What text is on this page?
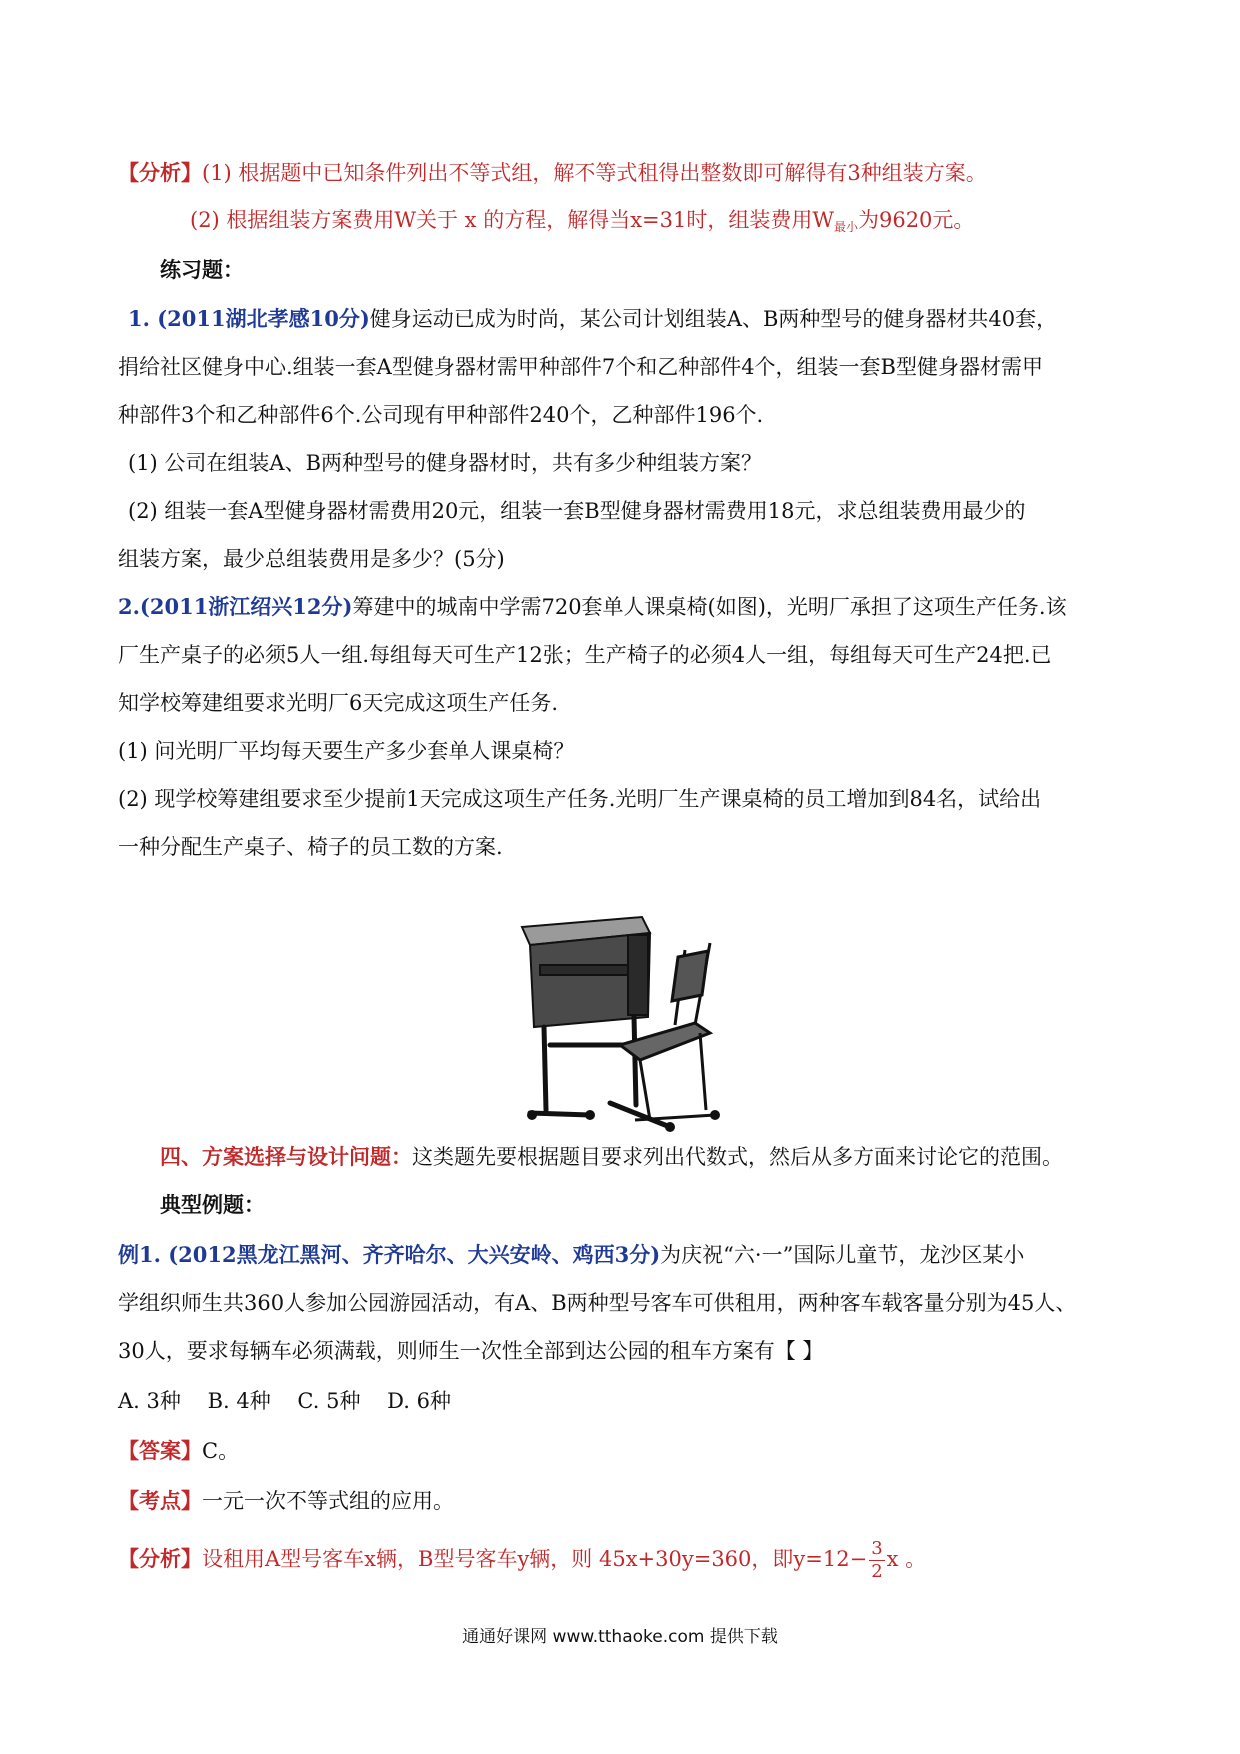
【分析】(1) 根据题中已知条件列出不等式组，解不等式租得出整数即可解得有3种组装方案。
(2) 根据组装方案费用W关于 x 的方程，解得当x=31时，组装费用$W_{最小}$为9620元。
练习题：
1. (2011湖北孝感10分)健身运动已成为时尚，某公司计划组装A、B两种型号的健身器材共40套，
捐给社区健身中心.组装一套A型健身器材需甲种部件7个和乙种部件4个，组装一套B型健身器材需甲
种部件3个和乙种部件6个.公司现有甲种部件240个，乙种部件196个.
(1) 公司在组装A、B两种型号的健身器材时，共有多少种组装方案？
(2) 组装一套A型健身器材需费用20元，组装一套B型健身器材需费用18元，求总组装费用最少的
组装方案，最少总组装费用是多少？(5分)
2.(2011浙江绍兴12分)筹建中的城南中学需720套单人课桌椅(如图)，光明厂承担了这项生产任务.该
厂生产桌子的必须5人一组.每组每天可生产12张；生产椅子的必须4人一组，每组每天可生产24把.已
知学校筹建组要求光明厂6天完成这项生产任务.
(1) 问光明厂平均每天要生产多少套单人课桌椅？
(2) 现学校筹建组要求至少提前1天完成这项生产任务.光明厂生产课桌椅的员工增加到84名，试给出
一种分配生产桌子、椅子的员工数的方案.
四、方案选择与设计问题：这类题先要根据题目要求列出代数式，然后从多方面来讨论它的范围。
典型例题：
例1. (2012黑龙江黑河、齐齐哈尔、大兴安岭、鸡西3分)为庆祝“六·一”国际儿童节，龙沙区某小
学组织师生共360人参加公园游园活动，有A、B两种型号客车可供租用，两种客车载客量分别为45人、
30人，要求每辆车必须满载，则师生一次性全部到达公园的租车方案有【 】
A. 3种    B. 4种    C. 5种    D. 6种
【答案】C。
【考点】一元一次不等式组的应用。
【分析】设租用A型号客车x辆，B型号客车y辆，则 45x+30y=360，即$y=12- \frac{3}{2}$ x 。
通通好课网 www.tthaoke.com 提供下载
